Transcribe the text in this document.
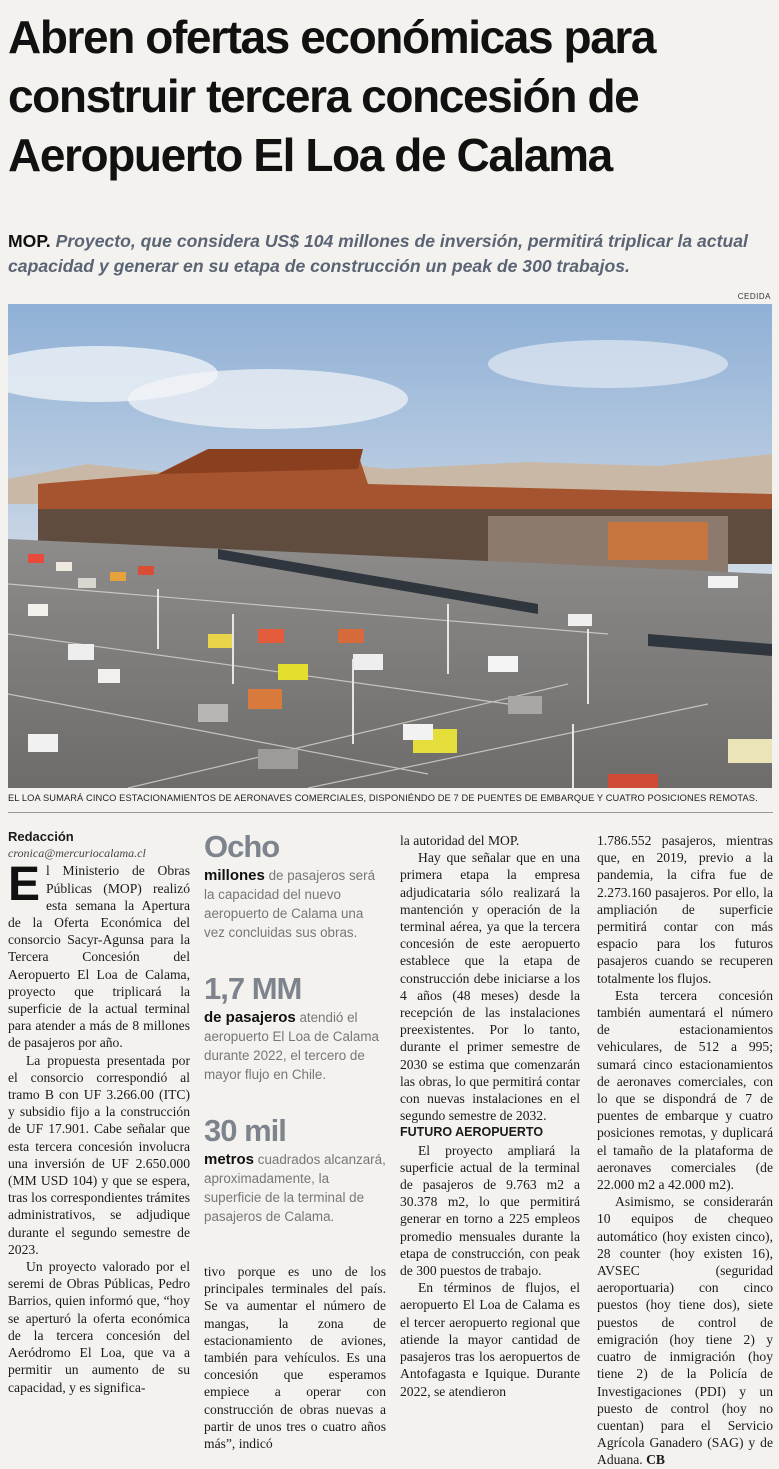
Abren ofertas económicas para construir tercera concesión de Aeropuerto El Loa de Calama

MOP. Proyecto, que considera US$ 104 millones de inversión, permitirá triplicar la actual capacidad y generar en su etapa de construcción un peak de 300 trabajos.

CEDIDA
EL LOA SUMARÁ CINCO ESTACIONAMIENTOS DE AERONAVES COMERCIALES, DISPONIÉNDO DE 7 DE PUENTES DE EMBARQUE Y CUATRO POSICIONES REMOTAS.

Redacción

cronica@mercuriocalama.cl

El Ministerio de Obras Públicas (MOP) realizó esta semana la Apertura de la Oferta Económica del consorcio Sacyr-Agunsa para la Tercera Concesión del Aeropuerto El Loa de Calama, proyecto que triplicará la superficie de la actual terminal para atender a más de 8 millones de pasajeros por año.

La propuesta presentada por el consorcio correspondió al tramo B con UF 3.266.00 (ITC) y subsidio fijo a la construcción de UF 17.901. Cabe señalar que esta tercera concesión involucra una inversión de UF 2.650.000 (MM USD 104) y que se espera, tras los correspondientes trámites administrativos, se adjudique durante el segundo semestre de 2023.

Un proyecto valorado por el seremi de Obras Públicas, Pedro Barrios, quien informó que, “hoy se aperturó la oferta económica de la tercera concesión del Aeródromo El Loa, que va a permitir un aumento de su capacidad, y es significa-

Ocho
millones de pasajeros será la capacidad del nuevo aeropuerto de Calama una vez concluidas sus obras.
1,7 MM
de pasajeros atendió el aeropuerto El Loa de Calama durante 2022, el tercero de mayor flujo en Chile.
30 mil
metros cuadrados alcanzará, aproximadamente, la superficie de la terminal de pasajeros de Calama.

tivo porque es uno de los principales terminales del país. Se va aumentar el número de mangas, la zona de estacionamiento de aviones, también para vehículos. Es una concesión que esperamos empiece a operar con construcción de obras nuevas a partir de unos tres o cuatro años más”, indicó

la autoridad del MOP.

Hay que señalar que en una primera etapa la empresa adjudicataria sólo realizará la mantención y operación de la terminal aérea, ya que la tercera concesión de este aeropuerto establece que la etapa de construcción debe iniciarse a los 4 años (48 meses) desde la recepción de las instalaciones preexistentes. Por lo tanto, durante el primer semestre de 2030 se estima que comenzarán las obras, lo que permitirá contar con nuevas instalaciones en el segundo semestre de 2032.

FUTURO AEROPUERTO

El proyecto ampliará la superficie actual de la terminal de pasajeros de 9.763 m2 a 30.378 m2, lo que permitirá generar en torno a 225 empleos promedio mensuales durante la etapa de construcción, con peak de 300 puestos de trabajo.

En términos de flujos, el aeropuerto El Loa de Calama es el tercer aeropuerto regional que atiende la mayor cantidad de pasajeros tras los aeropuertos de Antofagasta e Iquique. Durante 2022, se atendieron

1.786.552 pasajeros, mientras que, en 2019, previo a la pandemia, la cifra fue de 2.273.160 pasajeros. Por ello, la ampliación de superficie permitirá contar con más espacio para los futuros pasajeros cuando se recuperen totalmente los flujos.

Esta tercera concesión también aumentará el número de estacionamientos vehiculares, de 512 a 995; sumará cinco estacionamientos de aeronaves comerciales, con lo que se dispondrá de 7 de puentes de embarque y cuatro posiciones remotas, y duplicará el tamaño de la plataforma de aeronaves comerciales (de 22.000 m2 a 42.000 m2).

Asimismo, se considerarán 10 equipos de chequeo automático (hoy existen cinco), 28 counter (hoy existen 16), AVSEC (seguridad aeroportuaria) con cinco puestos (hoy tiene dos), siete puestos de control de emigración (hoy tiene 2) y cuatro de inmigración (hoy tiene 2) de la Policía de Investigaciones (PDI) y un puesto de control (hoy no cuentan) para el Servicio Agrícola Ganadero (SAG) y de Aduana. CB
